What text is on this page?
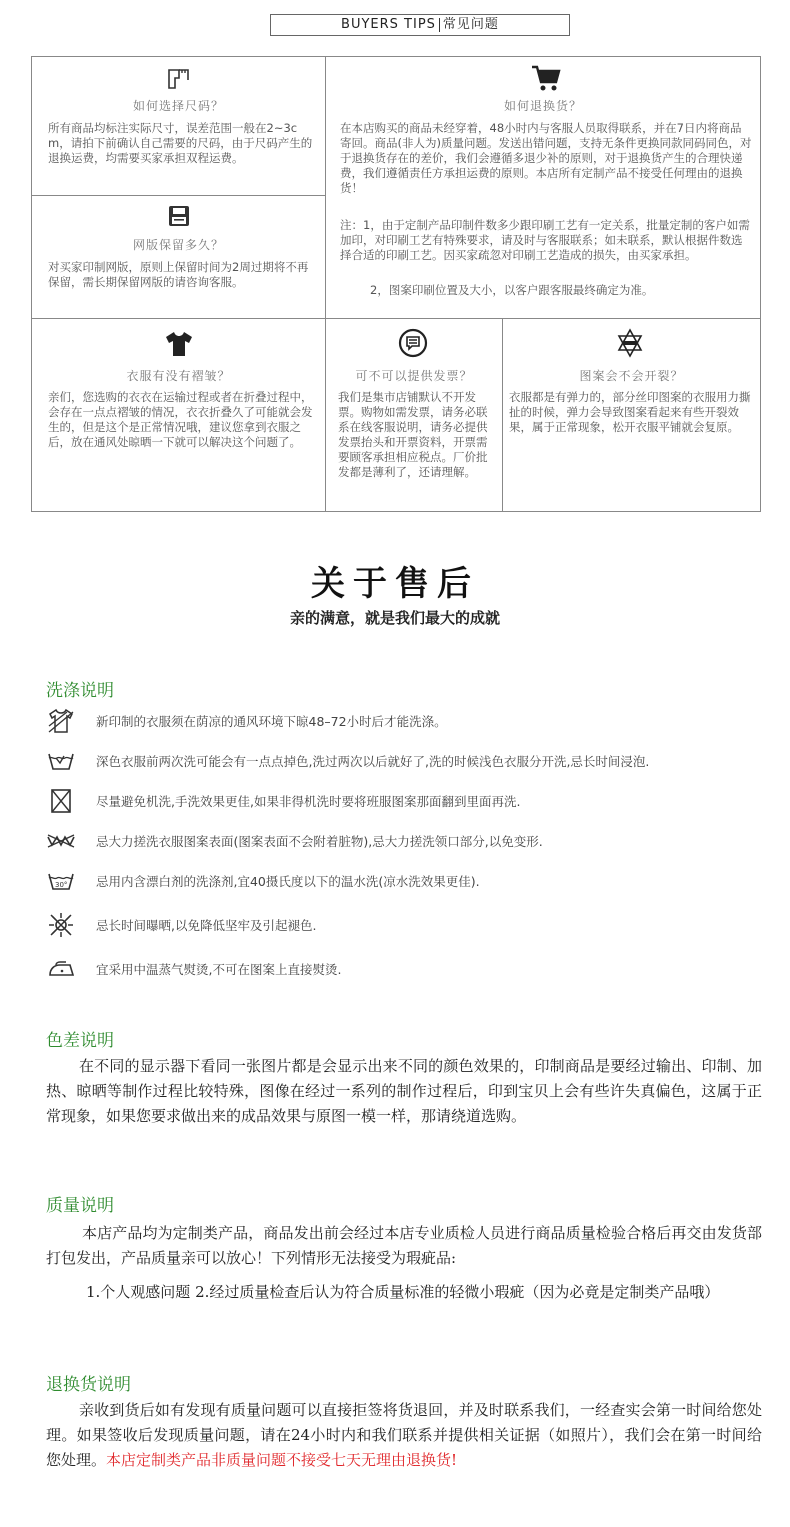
BUYERS TIPS 常见问题
如何选择尺码？
所有商品均标注实际尺寸，误差范围一般在2~3cm，请拍下前确认自己需要的尺码，由于尺码产生的退换运费，均需要买家承担双程运费。
网版保留多久？
对买家印制网版，原则上保留时间为2周过期将不再保留，需长期保留网版的请咨询客服。
如何退换货？
在本店购买的商品未经穿着，48小时内与客服人员取得联系，并在7日内将商品寄回。商品(非人为)质量问题。发送出错问题，支持无条件更换同款同码同色，对于退换货存在的差价，我们会遵循多退少补的原则，对于退换货产生的合理快递费，我们遵循责任方承担运费的原则。本店所有定制产品不接受任何理由的退换货！
注：1，由于定制产品印制件数多少跟印刷工艺有一定关系，批量定制的客户如需加印，对印刷工艺有特殊要求，请及时与客服联系；如未联系，默认根据件数选择合适的印刷工艺。因买家疏忽对印刷工艺造成的损失，由买家承担。
2，图案印刷位置及大小，以客户跟客服最终确定为准。
衣服有没有褶皱？
亲们，您选购的衣衣在运输过程或者在折叠过程中，会存在一点点褶皱的情况，衣衣折叠久了可能就会发生的，但是这个是正常情况哦，建议您拿到衣服之后，放在通风处晾晒一下就可以解决这个问题了。
可不可以提供发票？
我们是集市店铺默认不开发票。购物如需发票，请务必联系在线客服说明，请务必提供发票抬头和开票资料，开票需要顾客承担相应税点。厂价批发都是薄利了，还请理解。
图案会不会开裂？
衣服都是有弹力的，部分丝印图案的衣服用力撕扯的时候，弹力会导致图案看起来有些开裂效果，属于正常现象，松开衣服平铺就会复原。
关于售后
亲的满意，就是我们最大的成就
洗涤说明
新印制的衣服须在荫凉的通风环境下晾48–72小时后才能洗涤。
深色衣服前两次洗可能会有一点点掉色,洗过两次以后就好了,洗的时候浅色衣服分开洗,忌长时间浸泡.
尽量避免机洗,手洗效果更佳,如果非得机洗时要将班服图案那面翻到里面再洗.
忌大力搓洗衣服图案表面(图案表面不会附着脏物),忌大力搓洗领口部分,以免变形.
30° 忌用内含漂白剂的洗涤剂,宜40摄氏度以下的温水洗(凉水洗效果更佳).
忌长时间曝晒,以免降低坚牢及引起褪色.
宜采用中温蒸气熨烫,不可在图案上直接熨烫.
色差说明
在不同的显示器下看同一张图片都是会显示出来不同的颜色效果的，印制商品是要经过输出、印制、加热、晾晒等制作过程比较特殊，图像在经过一系列的制作过程后，印到宝贝上会有些许失真偏色，这属于正常现象，如果您要求做出来的成品效果与原图一模一样，那请绕道选购。
质量说明
本店产品均为定制类产品，商品发出前会经过本店专业质检人员进行商品质量检验合格后再交由发货部打包发出，产品质量亲可以放心！下列情形无法接受为瑕疵品:
1.个人观感问题 2.经过质量检查后认为符合质量标准的轻微小瑕疵（因为必竟是定制类产品哦）
退换货说明
亲收到货后如有发现有质量问题可以直接拒签将货退回，并及时联系我们，一经查实会第一时间给您处理。如果签收后发现质量问题，请在24小时内和我们联系并提供相关证据（如照片），我们会在第一时间给您处理。本店定制类产品非质量问题不接受七天无理由退换货!
